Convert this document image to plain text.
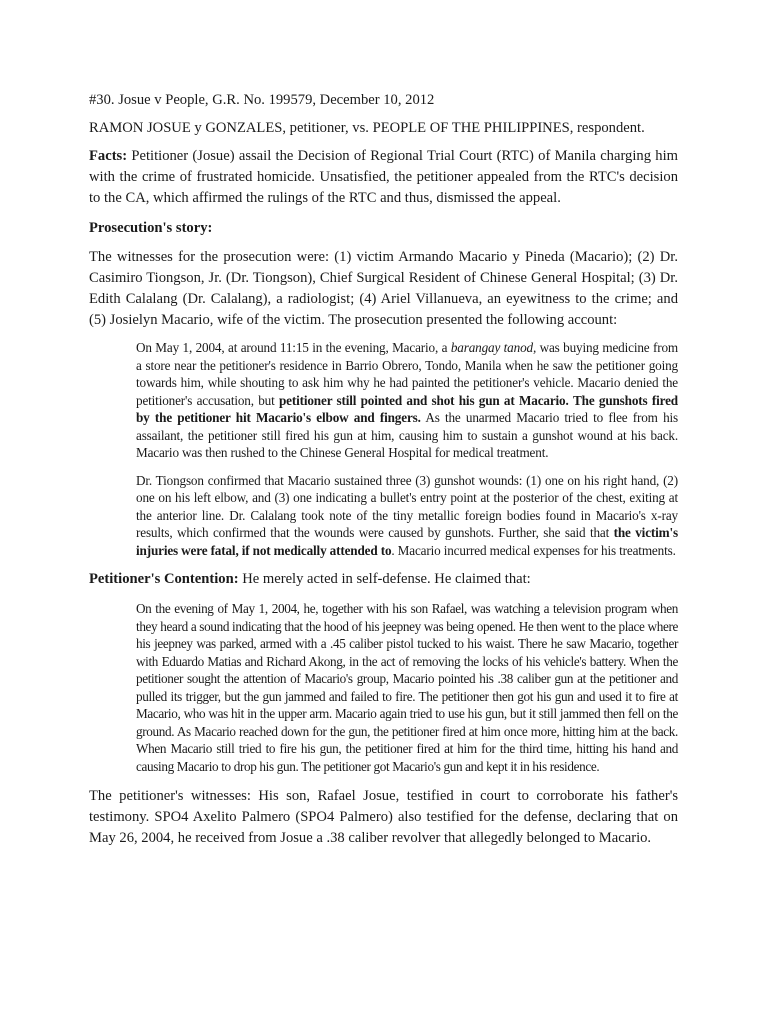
#30. Josue v People, G.R. No. 199579, December 10, 2012

RAMON JOSUE y GONZALES, petitioner, vs. PEOPLE OF THE PHILIPPINES, respondent.

Facts: Petitioner (Josue) assail the Decision of Regional Trial Court (RTC) of Manila charging him with the crime of frustrated homicide. Unsatisfied, the petitioner appealed from the RTC's decision to the CA, which affirmed the rulings of the RTC and thus, dismissed the appeal.

Prosecution's story:

The witnesses for the prosecution were: (1) victim Armando Macario y Pineda (Macario); (2) Dr. Casimiro Tiongson, Jr. (Dr. Tiongson), Chief Surgical Resident of Chinese General Hospital; (3) Dr. Edith Calalang (Dr. Calalang), a radiologist; (4) Ariel Villanueva, an eyewitness to the crime; and (5) Josielyn Macario, wife of the victim. The prosecution presented the following account:

On May 1, 2004, at around 11:15 in the evening, Macario, a barangay tanod, was buying medicine from a store near the petitioner's residence in Barrio Obrero, Tondo, Manila when he saw the petitioner going towards him, while shouting to ask him why he had painted the petitioner's vehicle. Macario denied the petitioner's accusation, but petitioner still pointed and shot his gun at Macario. The gunshots fired by the petitioner hit Macario's elbow and fingers. As the unarmed Macario tried to flee from his assailant, the petitioner still fired his gun at him, causing him to sustain a gunshot wound at his back. Macario was then rushed to the Chinese General Hospital for medical treatment.

Dr. Tiongson confirmed that Macario sustained three (3) gunshot wounds: (1) one on his right hand, (2) one on his left elbow, and (3) one indicating a bullet's entry point at the posterior of the chest, exiting at the anterior line. Dr. Calalang took note of the tiny metallic foreign bodies found in Macario's x-ray results, which confirmed that the wounds were caused by gunshots. Further, she said that the victim's injuries were fatal, if not medically attended to. Macario incurred medical expenses for his treatments.

Petitioner's Contention: He merely acted in self-defense. He claimed that:

On the evening of May 1, 2004, he, together with his son Rafael, was watching a television program when they heard a sound indicating that the hood of his jeepney was being opened. He then went to the place where his jeepney was parked, armed with a .45 caliber pistol tucked to his waist. There he saw Macario, together with Eduardo Matias and Richard Akong, in the act of removing the locks of his vehicle's battery. When the petitioner sought the attention of Macario's group, Macario pointed his .38 caliber gun at the petitioner and pulled its trigger, but the gun jammed and failed to fire. The petitioner then got his gun and used it to fire at Macario, who was hit in the upper arm. Macario again tried to use his gun, but it still jammed then fell on the ground. As Macario reached down for the gun, the petitioner fired at him once more, hitting him at the back. When Macario still tried to fire his gun, the petitioner fired at him for the third time, hitting his hand and causing Macario to drop his gun. The petitioner got Macario's gun and kept it in his residence.

The petitioner's witnesses: His son, Rafael Josue, testified in court to corroborate his father's testimony. SPO4 Axelito Palmero (SPO4 Palmero) also testified for the defense, declaring that on May 26, 2004, he received from Josue a .38 caliber revolver that allegedly belonged to Macario.
